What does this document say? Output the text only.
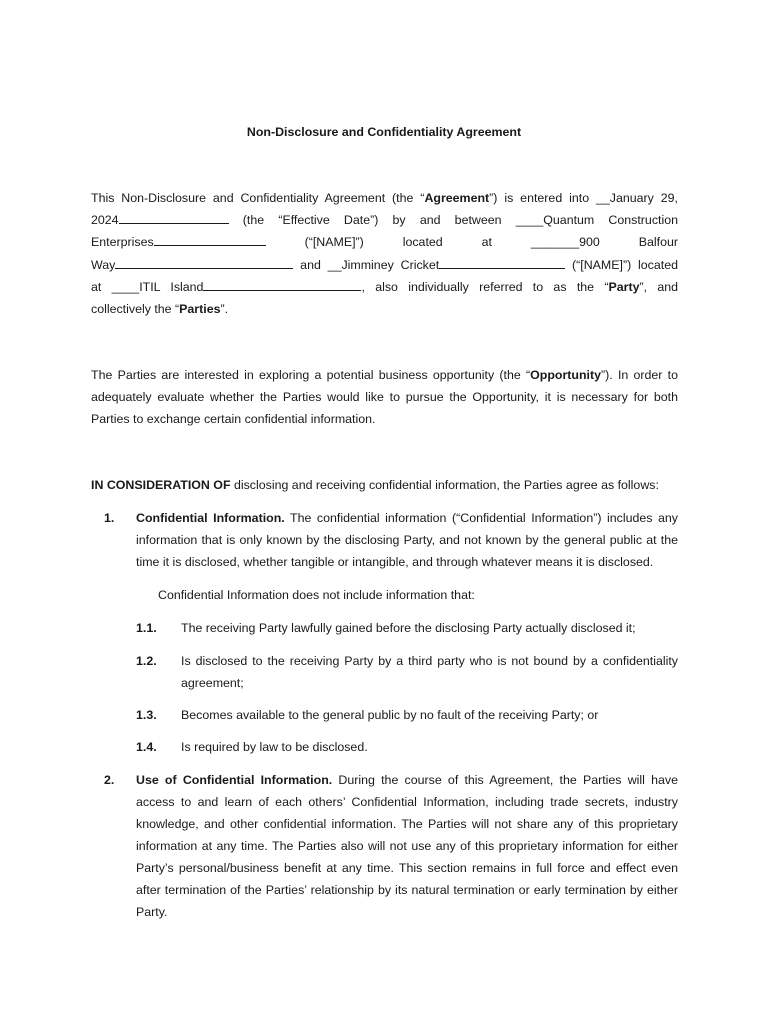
Non-Disclosure and Confidentiality Agreement
This Non-Disclosure and Confidentiality Agreement (the “Agreement”) is entered into __January 29,
2024	(the “Effective Date”) by and between ____Quantum Construction
Enterprises	(“[NAME]”)	located	at	_______900	Balfour
Way	and __Jimminey Cricket	(“[NAME]”) located
at ____ITIL Island	, also individually referred to as the “Party”, and
collectively the “Parties”.
The Parties are interested in exploring a potential business opportunity (the “Opportunity”). In order to
adequately evaluate whether the Parties would like to pursue the Opportunity, it is necessary for both
Parties to exchange certain confidential information.
IN CONSIDERATION OF disclosing and receiving confidential information, the Parties agree as follows:
1. Confidential Information. The confidential information (“Confidential Information”) includes any
information that is only known by the disclosing Party, and not known by the general public at the
time it is disclosed, whether tangible or intangible, and through whatever means it is disclosed.
Confidential Information does not include information that:
1.1. The receiving Party lawfully gained before the disclosing Party actually disclosed it;
1.2. Is disclosed to the receiving Party by a third party who is not bound by a confidentiality
agreement;
1.3. Becomes available to the general public by no fault of the receiving Party; or
1.4. Is required by law to be disclosed.
2. Use of Confidential Information. During the course of this Agreement, the Parties will have
access to and learn of each others’ Confidential Information, including trade secrets, industry
knowledge, and other confidential information. The Parties will not share any of this proprietary
information at any time. The Parties also will not use any of this proprietary information for either
Party’s personal/business benefit at any time. This section remains in full force and effect even
after termination of the Parties’ relationship by its natural termination or early termination by either
Party.
